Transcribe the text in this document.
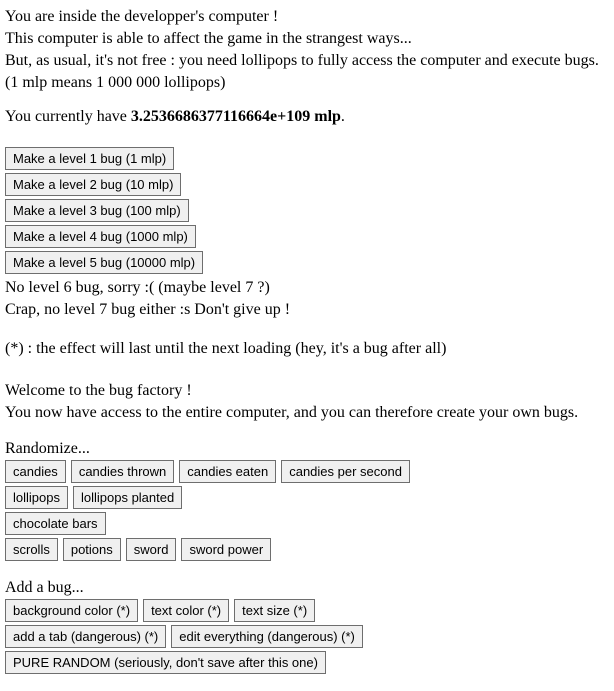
You are inside the developper's computer !
This computer is able to affect the game in the strangest ways...
But, as usual, it's not free : you need lollipops to fully access the computer and execute bugs.
(1 mlp means 1 000 000 lollipops)
You currently have 3.2536686377116664e+109 mlp.
Make a level 1 bug (1 mlp)
Make a level 2 bug (10 mlp)
Make a level 3 bug (100 mlp)
Make a level 4 bug (1000 mlp)
Make a level 5 bug (10000 mlp)
No level 6 bug, sorry :( (maybe level 7 ?)
Crap, no level 7 bug either :s Don't give up !
(*) : the effect will last until the next loading (hey, it's a bug after all)
Welcome to the bug factory !
You now have access to the entire computer, and you can therefore create your own bugs.
Randomize...
candies candies thrown candies eaten candies per second
lollipops lollipops planted
chocolate bars
scrolls potions sword sword power
Add a bug...
background color (*) text color (*) text size (*)
add a tab (dangerous) (*) edit everything (dangerous) (*)
PURE RANDOM (seriously, don't save after this one)
